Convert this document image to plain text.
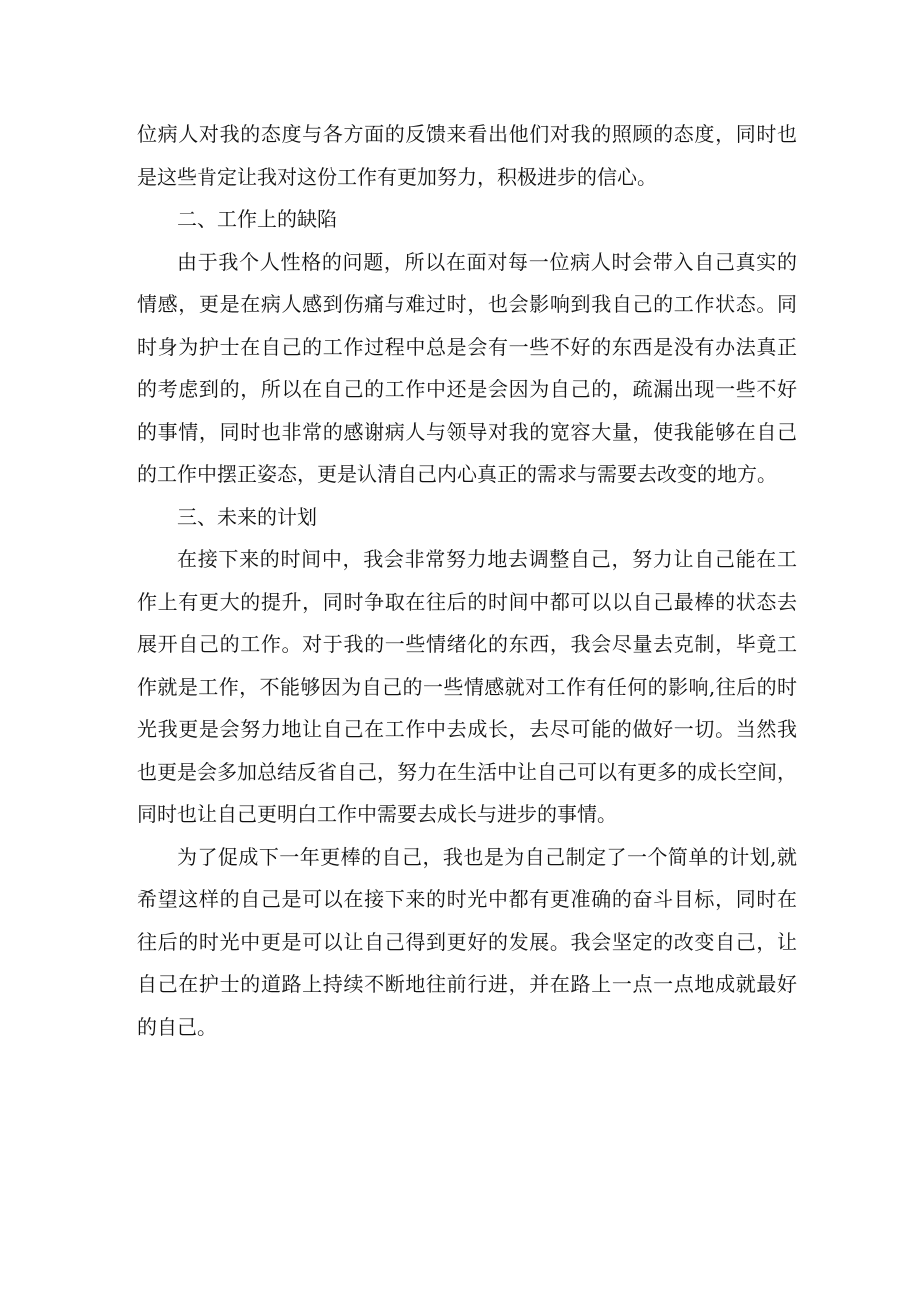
位病人对我的态度与各方面的反馈来看出他们对我的照顾的态度，同时也
是这些肯定让我对这份工作有更加努力，积极进步的信心。
二、工作上的缺陷
由于我个人性格的问题，所以在面对每一位病人时会带入自己真实的
情感，更是在病人感到伤痛与难过时，也会影响到我自己的工作状态。同
时身为护士在自己的工作过程中总是会有一些不好的东西是没有办法真正
的考虑到的，所以在自己的工作中还是会因为自己的，疏漏出现一些不好
的事情，同时也非常的感谢病人与领导对我的宽容大量，使我能够在自己
的工作中摆正姿态，更是认清自己内心真正的需求与需要去改变的地方。
三、未来的计划
在接下来的时间中，我会非常努力地去调整自己，努力让自己能在工
作上有更大的提升，同时争取在往后的时间中都可以以自己最棒的状态去
展开自己的工作。对于我的一些情绪化的东西，我会尽量去克制，毕竟工
作就是工作，不能够因为自己的一些情感就对工作有任何的影响,往后的时
光我更是会努力地让自己在工作中去成长，去尽可能的做好一切。当然我
也更是会多加总结反省自己，努力在生活中让自己可以有更多的成长空间，
同时也让自己更明白工作中需要去成长与进步的事情。
为了促成下一年更棒的自己，我也是为自己制定了一个简单的计划,就
希望这样的自己是可以在接下来的时光中都有更准确的奋斗目标，同时在
往后的时光中更是可以让自己得到更好的发展。我会坚定的改变自己，让
自己在护士的道路上持续不断地往前行进，并在路上一点一点地成就最好
的自己。
